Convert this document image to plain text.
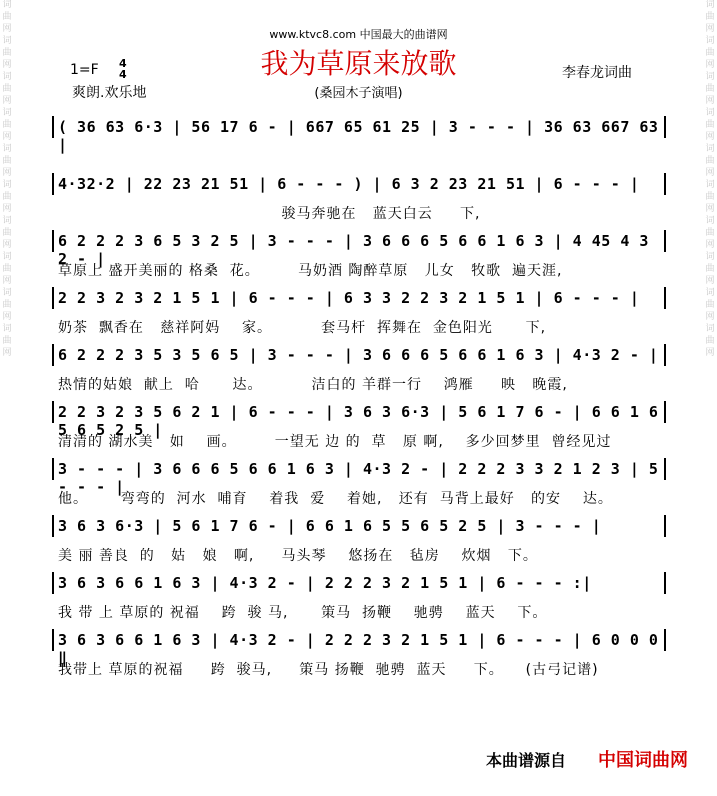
词
曲
网
词
曲
网
词
曲
网
词
曲
网
词
曲
网
词
曲
网
词
曲
网
词
曲
网
词
曲
网
词
曲
网
词
曲
网
词
曲
网
词
曲
网
词
曲
网
词
曲
网
词
曲
网
词
曲
网
词
曲
网
词
曲
网
词
曲
网
www.ktvc8.com 中国最大的曲谱网
我为草原来放歌
1=F 4
4
爽朗.欢乐地	(桑园木子演唱)
李春龙词曲
( 36 63 6·3 | 56 17 6 - | 667 65 61 25 | 3 - - - | 36 63 667 63 |
4·32·2 | 22 23 21 51 | 6 - - - ) | 6 3 2 23 21 51 | 6 - - - |
骏马奔驰在   蓝天白云     下,
6 2 2 2 3 6 5 3 2 5 | 3 - - - | 3 6 6 6 5 6 6 1 6 3 | 4 45 4 3 2 - |
草原上 盛开美丽的 格桑  花。       马奶酒 陶醉草原   儿女   牧歌  遍天涯,
2 2 3 2 3 2 1 5 1 | 6 - - - | 6 3 3 2 2 3 2 1 5 1 | 6 - - - |
奶茶  飘香在   慈祥阿妈    家。         套马杆  挥舞在  金色阳光      下,
6 2 2 2 3 5 3 5 6 5 | 3 - - - | 3 6 6 6 5 6 6 1 6 3 | 4·3 2 - |
热情的姑娘  献上  哈      达。         洁白的 羊群一行    鸿雁     映   晚霞,
2 2 3 2 3 5 6 2 1 | 6 - - - | 3 6 3 6·3 | 5 6 1 7 6 - | 6 6 1 6 5 6 5 2 5 |
清清的 湖水美   如    画。       一望无 边 的  草   原 啊,    多少回梦里  曾经见过
3 - - - | 3 6 6 6 5 6 6 1 6 3 | 4·3 2 - | 2 2 2 3 3 2 1 2 3 | 5 - - - |
他。      弯弯的  河水  哺育    着我  爱    着她,   还有  马背上最好   的安    达。
3 6 3 6·3 | 5 6 1 7 6 - | 6 6 1 6 5 5 6 5 2 5 | 3 - - - |
美 丽 善良  的   姑   娘   啊,     马头琴    悠扬在   毡房    炊烟   下。
3 6 3 6 6 1 6 3 | 4·3 2 - | 2 2 2 3 2 1 5 1 | 6 - - - :|
我 带 上 草原的 祝福    跨  骏 马,      策马  扬鞭    驰骋    蓝天    下。
3 6 3 6 6 1 6 3 | 4·3 2 - | 2 2 2 3 2 1 5 1 | 6 - - - | 6 0 0 0 ‖
我带上 草原的祝福     跨  骏马,     策马 扬鞭  驰骋  蓝天     下。    (古弓记谱)
本曲谱源自 中国词曲网
